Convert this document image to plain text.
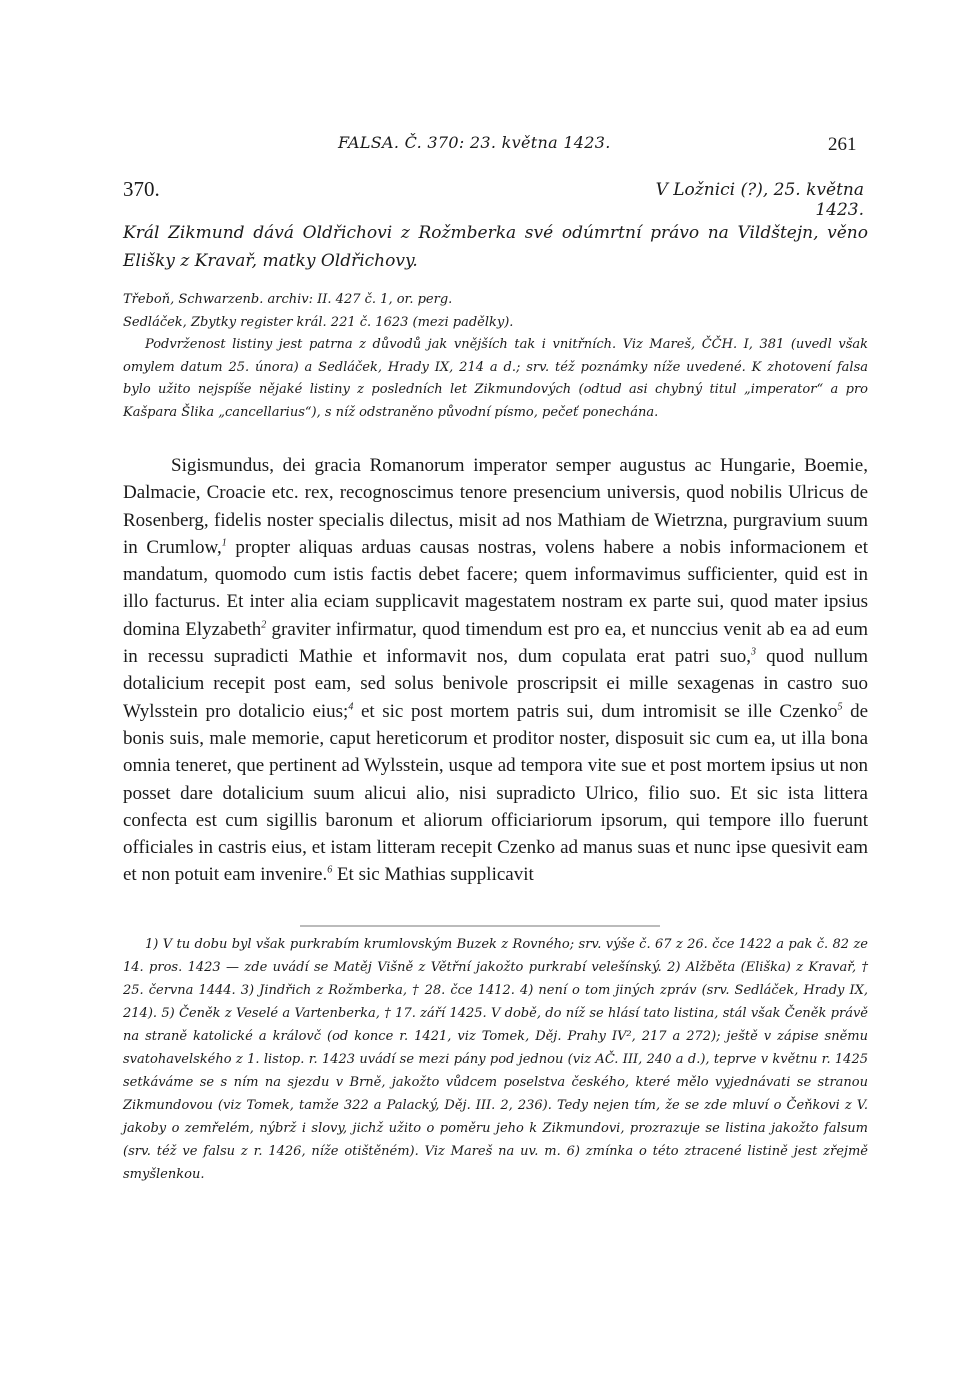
FALSA. Č. 370: 23. května 1423.	261
370.	V Ložnici (?), 25. května 1423.
Král Zikmund dává Oldřichovi z Rožmberka své odúmrtní právo na Vildštejn, věno Elišky z Kravař, matky Oldřichovy.

Třeboň, Schwarzenb. archiv: II. 427 č. 1, or. perg.

Sedláček, Zbytky register král. 221 č. 1623 (mezi padělky).

Podvrženost listiny jest patrna z důvodů jak vnějších tak i vnitřních. Viz Mareš, ČČH. I, 381 (uvedl však omylem datum 25. února) a Sedláček, Hrady IX, 214 a d.; srv. též poznámky níže uvedené. K zhotovení falsa bylo užito nejspíše nějaké listiny z posledních let Zikmundových (odtud asi chybný titul „imperator“ a pro Kašpara Šlika „cancellarius“), s níž odstraněno původní písmo, pečeť ponechána.

Sigismundus, dei gracia Romanorum imperator semper augustus ac Hungarie, Boemie, Dalmacie, Croacie etc. rex, recognoscimus tenore presencium universis, quod nobilis Ulricus de Rosenberg, fidelis noster specialis dilectus, misit ad nos Mathiam de Wietrzna, purgravium suum in Crumlow,$^1$ propter aliquas arduas causas nostras, volens habere a nobis informacionem et mandatum, quomodo cum istis factis debet facere; quem informavimus sufficienter, quid est in illo facturus. Et inter alia eciam supplicavit magestatem nostram ex parte sui, quod mater ipsius domina Elyzabeth$^2$ graviter infirmatur, quod timendum est pro ea, et nunccius venit ab ea ad eum in recessu supradicti Mathie et informavit nos, dum copulata erat patri suo,$^3$ quod nullum dotalicium recepit post eam, sed solus benivole proscripsit ei mille sexagenas in castro suo Wylsstein pro dotalicio eius;$^4$ et sic post mortem patris sui, dum intromisit se ille Czenko$^5$ de bonis suis, male memorie, caput hereticorum et proditor noster, disposuit sic cum ea, ut illa bona omnia teneret, que pertinent ad Wylsstein, usque ad tempora vite sue et post mortem ipsius ut non posset dare dotalicium suum alicui alio, nisi supradicto Ulrico, filio suo. Et sic ista littera confecta est cum sigillis baronum et aliorum officiariorum ipsorum, qui tempore illo fuerunt officiales in castris eius, et istam litteram recepit Czenko ad manus suas et nunc ipse quesivit eam et non potuit eam invenire.$^6$ Et sic Mathias supplicavit

1) V tu dobu byl však purkrabím krumlovským Buzek z Rovného; srv. výše č. 67 z 26. čce 1422 a pak č. 82 ze 14. pros. 1423 — zde uvádí se Matěj Višně z Větřní jakožto purkrabí velešínský. 2) Alžběta (Eliška) z Kravař, † 25. června 1444. 3) Jindřich z Rožmberka, † 28. čce 1412. 4) není o tom jiných zpráv (srv. Sedláček, Hrady IX, 214). 5) Čeněk z Veselé a Vartenberka, † 17. září 1425. V době, do níž se hlásí tato listina, stál však Čeněk právě na straně katolické a královč (od konce r. 1421, viz Tomek, Děj. Prahy IV², 217 a 272); ještě v zápise sněmu svatohavelského z 1. listop. r. 1423 uvádí se mezi pány pod jednou (viz AČ. III, 240 a d.), teprve v květnu r. 1425 setkáváme se s ním na sjezdu v Brně, jakožto vůdcem poselstva českého, které mělo vyjednávati se stranou Zikmundovou (viz Tomek, tamže 322 a Palacký, Děj. III. 2, 236). Tedy nejen tím, že se zde mluví o Čeňkovi z V. jakoby o zemřelém, nýbrž i slovy, jichž užito o poměru jeho k Zikmundovi, prozrazuje se listina jakožto falsum (srv. též ve falsu z r. 1426, níže otištěném). Viz Mareš na uv. m. 6) zmínka o této ztracené listině jest zřejmě smyšlenkou.
